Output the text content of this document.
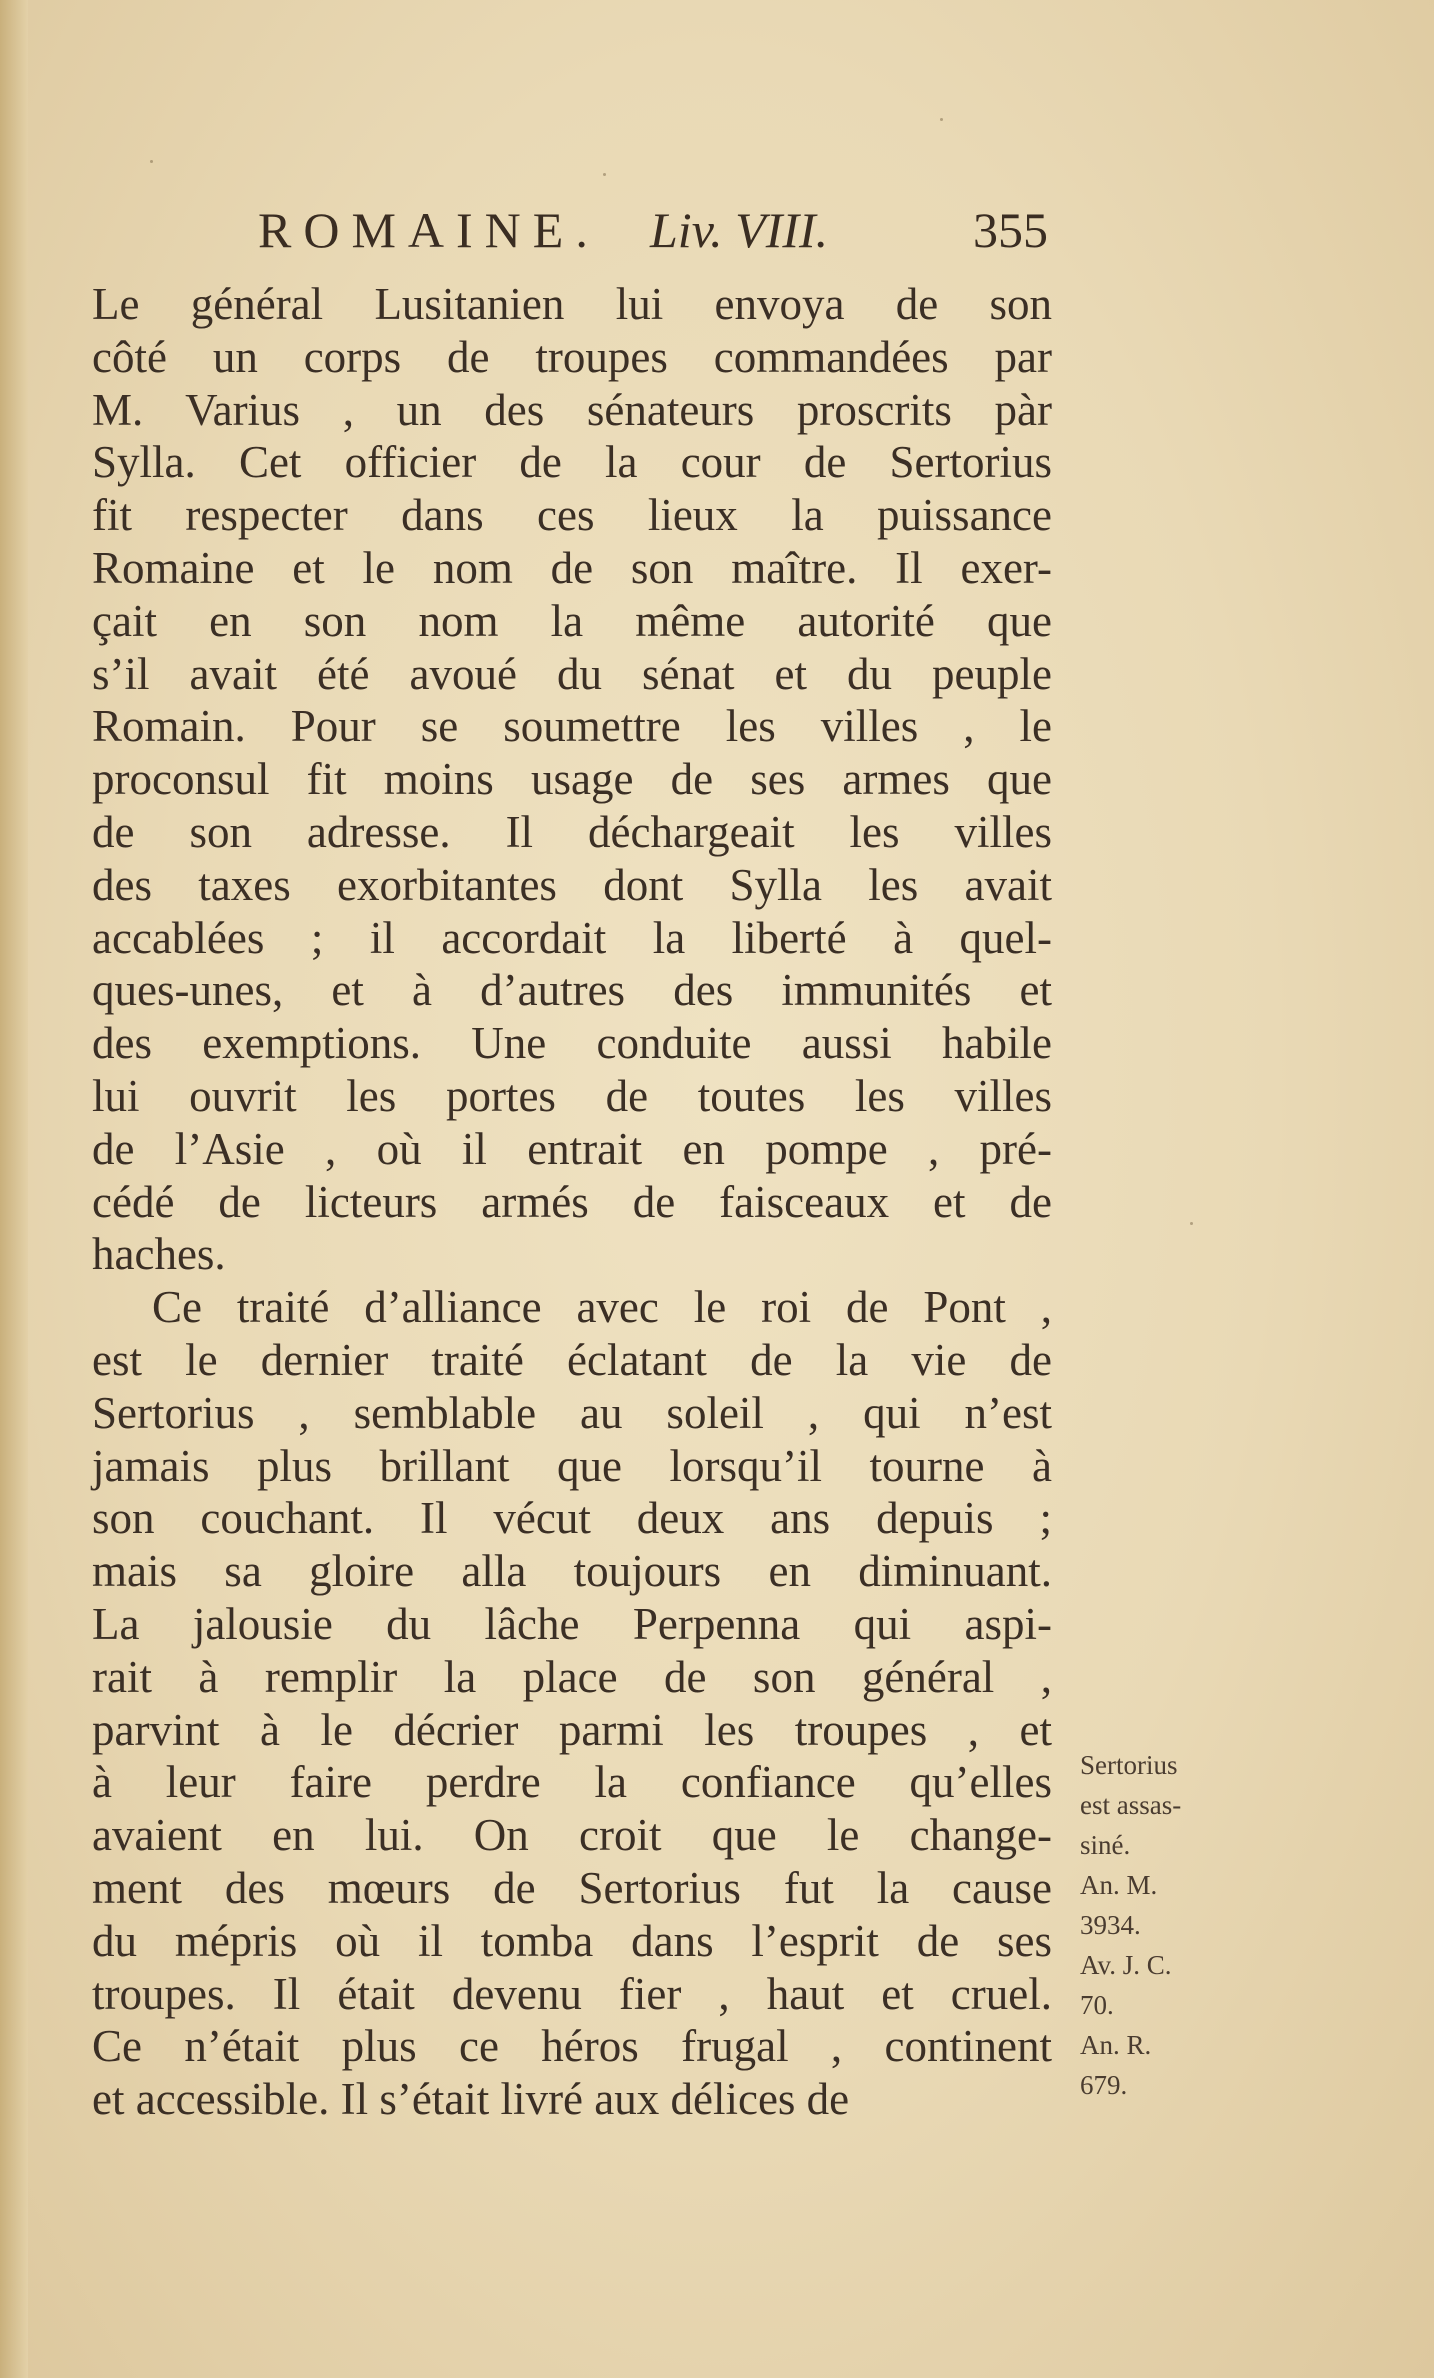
ROMAINE. Liv. VIII.	355
Le général Lusitanien lui envoya de son
côté un corps de troupes commandées par
M. Varius , un des sénateurs proscrits pàr
Sylla. Cet officier de la cour de Sertorius
fit respecter dans ces lieux la puissance
Romaine et le nom de son maître. Il exer-
çait en son nom la même autorité que
s’il avait été avoué du sénat et du peuple
Romain. Pour se soumettre les villes , le
proconsul fit moins usage de ses armes que
de son adresse. Il déchargeait les villes
des taxes exorbitantes dont Sylla les avait
accablées ; il accordait la liberté à quel-
ques-unes, et à d’autres des immunités et
des exemptions. Une conduite aussi habile
lui ouvrit les portes de toutes les villes
de l’Asie , où il entrait en pompe , pré-
cédé de licteurs armés de faisceaux et de
haches.
Ce traité d’alliance avec le roi de Pont ,
est le dernier traité éclatant de la vie de
Sertorius , semblable au soleil , qui n’est
jamais plus brillant que lorsqu’il tourne à
son couchant. Il vécut deux ans depuis ;
mais sa gloire alla toujours en diminuant.
La jalousie du lâche Perpenna qui aspi-
rait à remplir la place de son général ,
parvint à le décrier parmi les troupes , et
à leur faire perdre la confiance qu’elles
avaient en lui. On croit que le change-
ment des mœurs de Sertorius fut la cause
du mépris où il tomba dans l’esprit de ses
troupes. Il était devenu fier , haut et cruel.
Ce n’était plus ce héros frugal , continent
et accessible. Il s’était livré aux délices de
Sertorius
est assas-
siné.
An. M.
3934.
Av. J. C.
70.
An. R.
679.
